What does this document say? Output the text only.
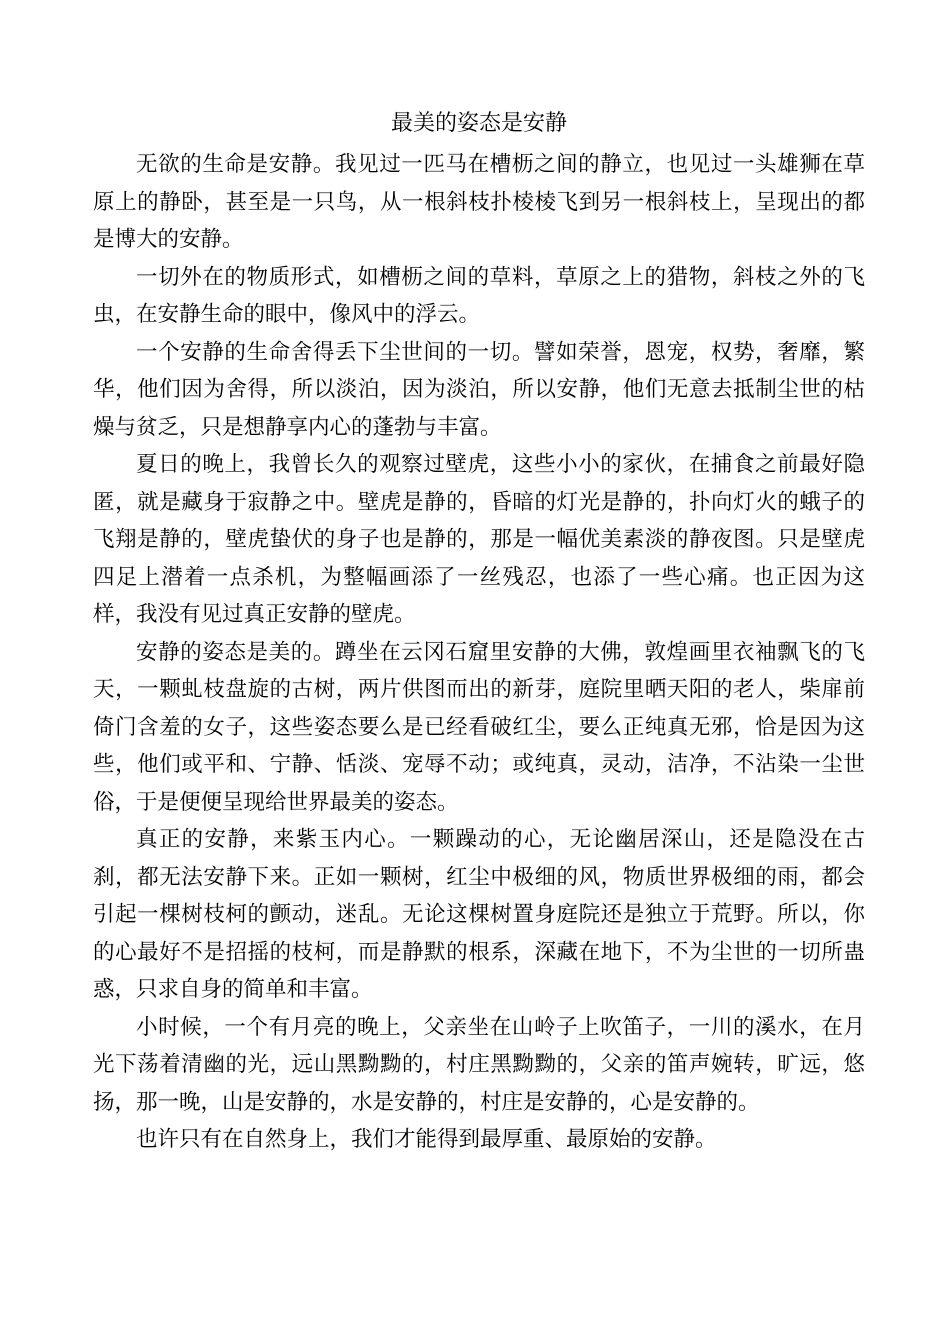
最美的姿态是安静

无欲的生命是安静。我见过一匹马在槽枥之间的静立，也见过一头雄狮在草原上的静卧，甚至是一只鸟，从一根斜枝扑棱棱飞到另一根斜枝上，呈现出的都是博大的安静。

一切外在的物质形式，如槽枥之间的草料，草原之上的猎物，斜枝之外的飞虫，在安静生命的眼中，像风中的浮云。

一个安静的生命舍得丢下尘世间的一切。譬如荣誉，恩宠，权势，奢靡，繁华，他们因为舍得，所以淡泊，因为淡泊，所以安静，他们无意去抵制尘世的枯燥与贫乏，只是想静享内心的蓬勃与丰富。

夏日的晚上，我曾长久的观察过壁虎，这些小小的家伙，在捕食之前最好隐匿，就是藏身于寂静之中。壁虎是静的，昏暗的灯光是静的，扑向灯火的蛾子的飞翔是静的，壁虎蛰伏的身子也是静的，那是一幅优美素淡的静夜图。只是壁虎四足上潜着一点杀机，为整幅画添了一丝残忍，也添了一些心痛。也正因为这样，我没有见过真正安静的壁虎。

安静的姿态是美的。蹲坐在云冈石窟里安静的大佛，敦煌画里衣袖飘飞的飞天，一颗虬枝盘旋的古树，两片供图而出的新芽，庭院里晒天阳的老人，柴扉前倚门含羞的女子，这些姿态要么是已经看破红尘，要么正纯真无邪，恰是因为这些，他们或平和、宁静、恬淡、宠辱不动；或纯真，灵动，洁净，不沾染一尘世俗，于是便便呈现给世界最美的姿态。

真正的安静，来紫玉内心。一颗躁动的心，无论幽居深山，还是隐没在古刹，都无法安静下来。正如一颗树，红尘中极细的风，物质世界极细的雨，都会引起一棵树枝柯的颤动，迷乱。无论这棵树置身庭院还是独立于荒野。所以，你的心最好不是招摇的枝柯，而是静默的根系，深藏在地下，不为尘世的一切所蛊惑，只求自身的简单和丰富。

小时候，一个有月亮的晚上，父亲坐在山岭子上吹笛子，一川的溪水，在月光下荡着清幽的光，远山黑黝黝的，村庄黑黝黝的，父亲的笛声婉转，旷远，悠扬，那一晚，山是安静的，水是安静的，村庄是安静的，心是安静的。

也许只有在自然身上，我们才能得到最厚重、最原始的安静。
